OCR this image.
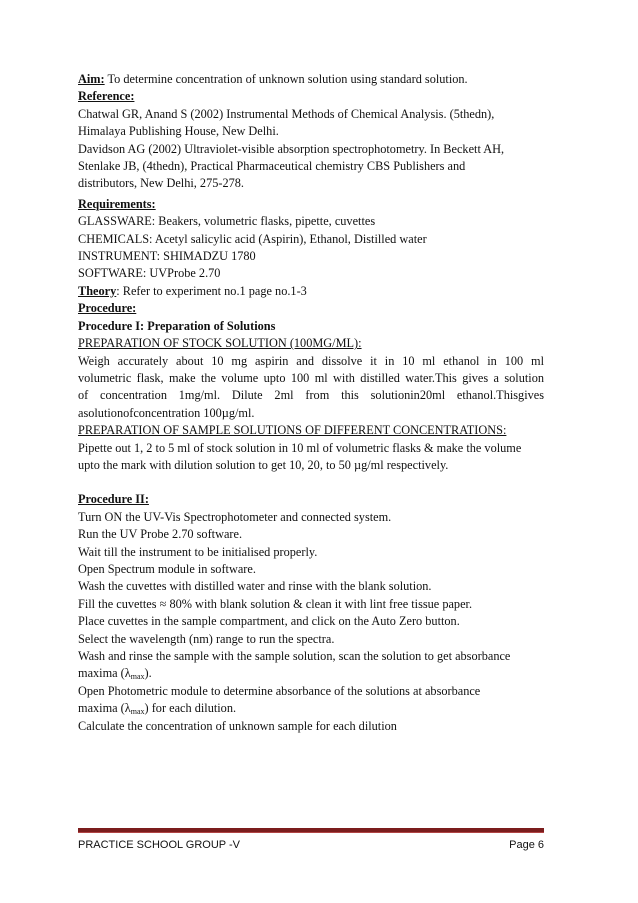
Aim: To determine concentration of unknown solution using standard solution.
Reference:
Chatwal GR, Anand S (2002) Instrumental Methods of Chemical Analysis. (5thedn),
Himalaya Publishing House, New Delhi.
Davidson AG (2002) Ultraviolet-visible absorption spectrophotometry. In Beckett AH,
Stenlake JB, (4thedn), Practical Pharmaceutical chemistry CBS Publishers and
distributors, New Delhi, 275-278.
Requirements:
GLASSWARE: Beakers, volumetric flasks, pipette, cuvettes
CHEMICALS: Acetyl salicylic acid (Aspirin), Ethanol, Distilled water
INSTRUMENT: SHIMADZU 1780
SOFTWARE: UVProbe 2.70
Theory: Refer to experiment no.1 page no.1-3
Procedure:
Procedure I: Preparation of Solutions
PREPARATION OF STOCK SOLUTION (100MG/ML):
Weigh accurately about 10 mg aspirin and dissolve it in 10 ml ethanol in 100 ml
volumetric flask, make the volume upto 100 ml with distilled water.This gives a solution
of concentration 1mg/ml. Dilute 2ml from this solutionin20ml ethanol.Thisgives
asolutionofconcentration 100µg/ml.
PREPARATION OF SAMPLE SOLUTIONS OF DIFFERENT CONCENTRATIONS:
Pipette out 1, 2 to 5 ml of stock solution in 10 ml of volumetric flasks & make the volume
upto the mark with dilution solution to get 10, 20, to 50 µg/ml respectively.
Procedure II:
Turn ON the UV-Vis Spectrophotometer and connected system.
Run the UV Probe 2.70 software.
Wait till the instrument to be initialised properly.
Open Spectrum module in software.
Wash the cuvettes with distilled water and rinse with the blank solution.
Fill the cuvettes ≈ 80% with blank solution & clean it with lint free tissue paper.
Place cuvettes in the sample compartment, and click on the Auto Zero button.
Select the wavelength (nm) range to run the spectra.
Wash and rinse the sample with the sample solution, scan the solution to get absorbance
maxima $(\lambda_{max})$.
Open Photometric module to determine absorbance of the solutions at absorbance
maxima $(\lambda_{max})$ for each dilution.
Calculate the concentration of unknown sample for each dilution
PRACTICE SCHOOL GROUP -V	Page 6
